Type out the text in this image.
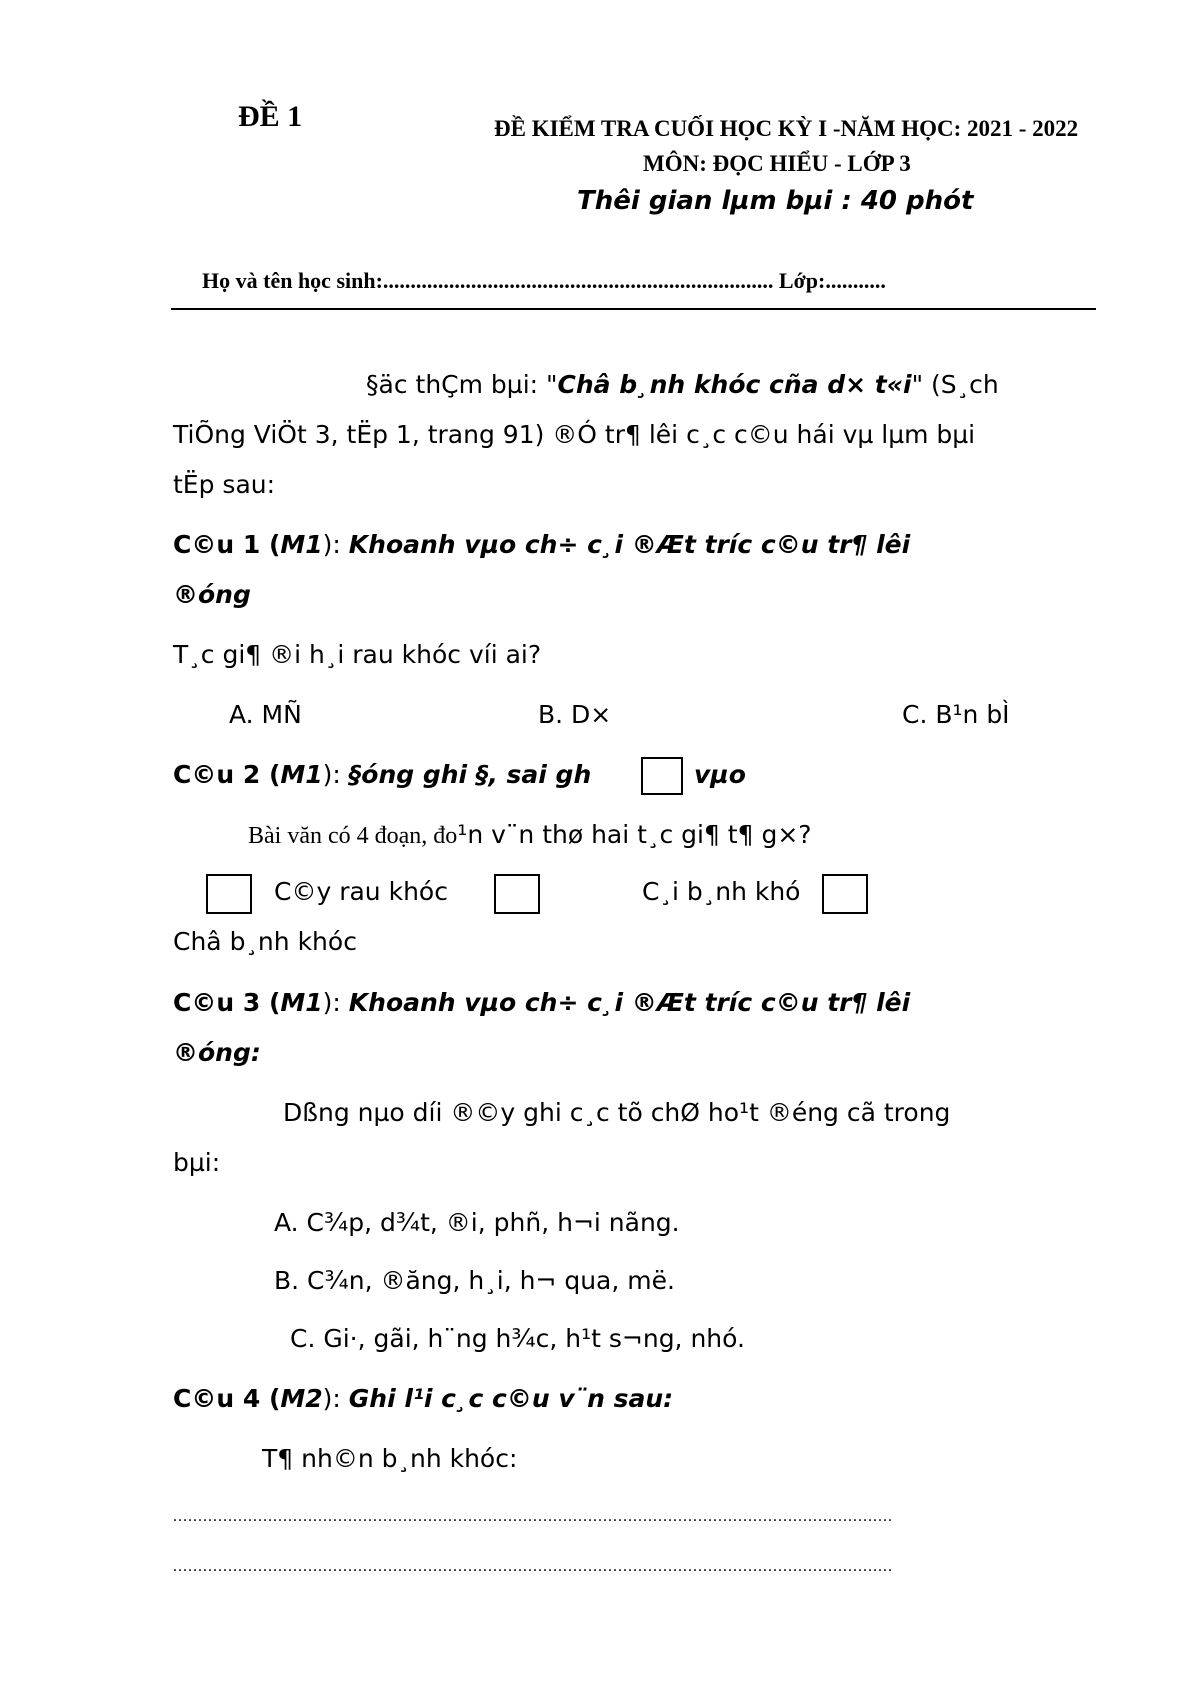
ĐỀ 1	ĐỀ KIỂM TRA CUỐI HỌC KỲ I -NĂM HỌC: 2021 - 2022
MÔN: ĐỌC HIỂU - LỚP 3
Thêi gian lµm bµi : 40 phót
Họ và tên học sinh:....................................................................... Lớp:...........
§äc thÇm bµi: "Châ b¸nh khóc cña d× t«i" (S¸ch
TiÕng ViÖt 3, tËp 1, trang 91) ®Ó tr¶ lêi c¸c c©u hái vµ lµm bµi
tËp sau:
C©u 1 (M1): Khoanh vµo ch÷ c¸i ®Æt tríc c©u tr¶ lêi
®óng
T¸c gi¶ ®i h¸i rau khóc víi ai?
A. MÑ	B. D×	C. B¹n bÌ
C©u 2 (M1): §óng ghi §, sai gh	vµo
Bài văn có 4 đoạn, đo¹n v¨n thø hai t¸c gi¶ t¶ g×?
C©y rau khóc	C¸i b¸nh khó
Châ b¸nh khóc
C©u 3 (M1): Khoanh vµo ch÷ c¸i ®Æt tríc c©u tr¶ lêi
®óng:
Dßng nµo díi ®©y ghi c¸c tõ chØ ho¹t ®éng cã trong
bµi:
A. C¾p, d¾t, ®i, phñ, h¬i nãng.
B. C¾n, ®ăng, h¸i, h¬ qua, më.
C. Gi·, gãi, h¨ng h¾c, h¹t s¬ng, nhó.
C©u 4 (M2): Ghi l¹i c¸c c©u v¨n sau:
T¶ nh©n b¸nh khóc:
................................................................................................................................................
................................................................................................................................................
